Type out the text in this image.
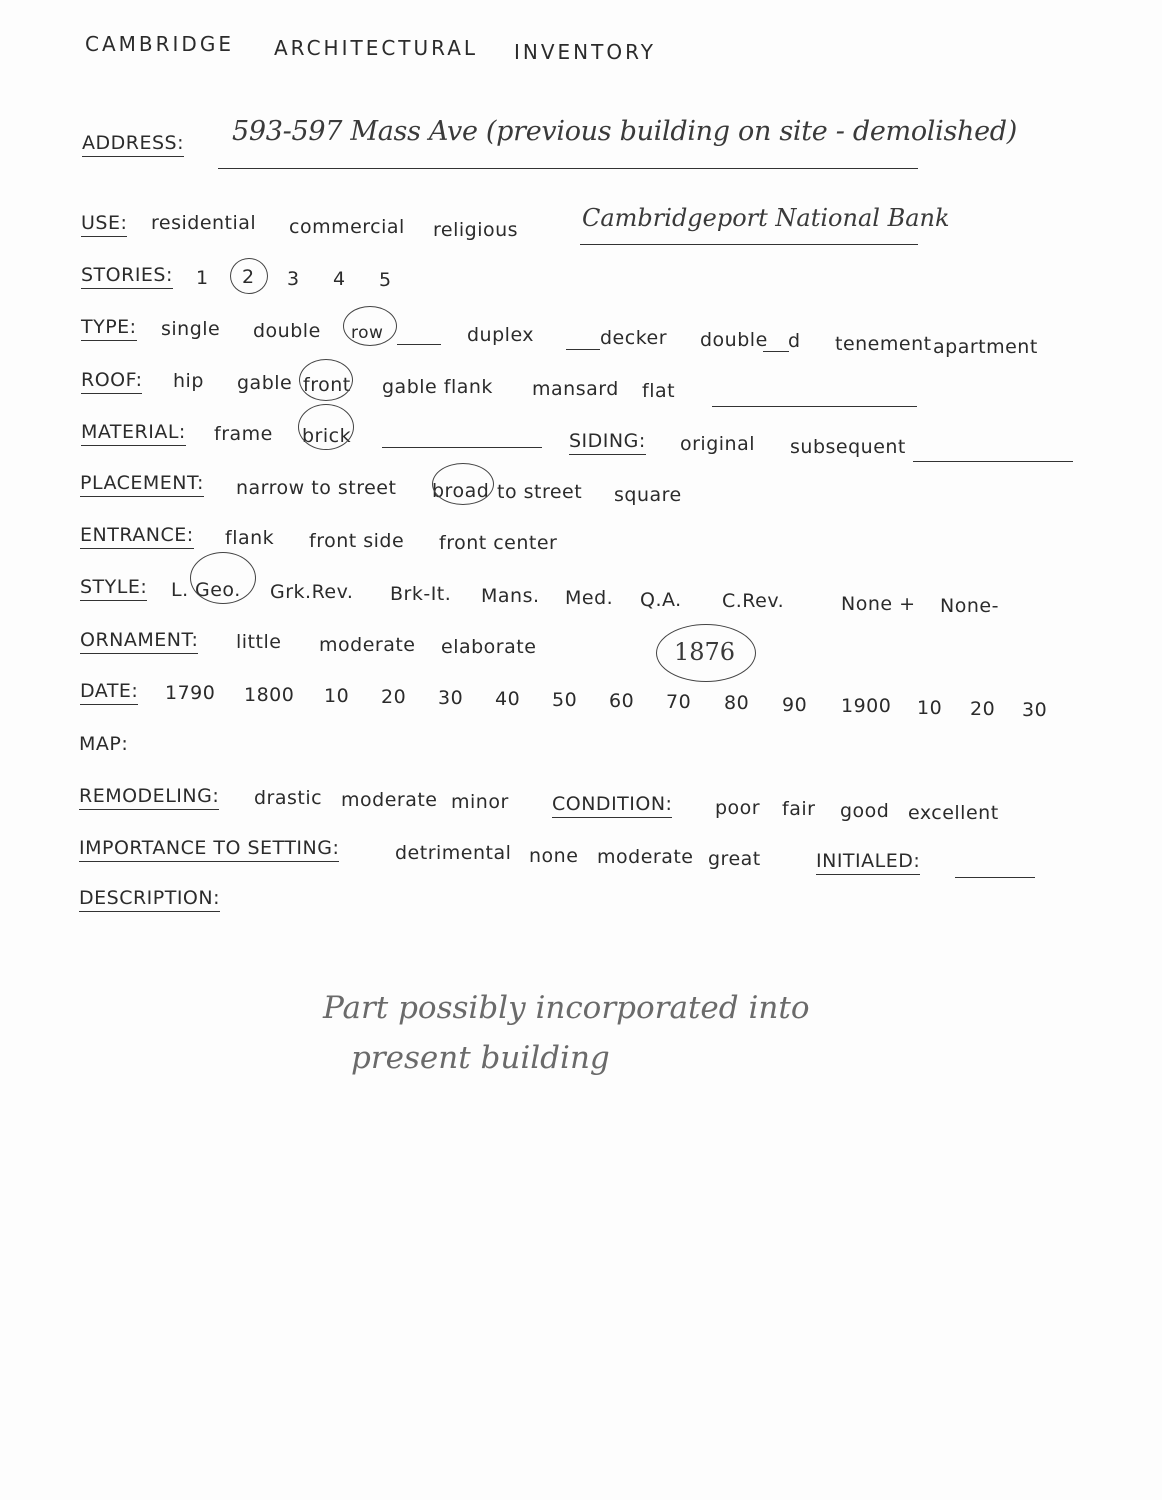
CAMBRIDGE ARCHITECTURAL INVENTORY
ADDRESS: 593-597 Mass Ave (previous building on site - demolished)
USE: residential commercial religious	Cambridgeport National Bank
STORIES: 1 2 3 4 5
TYPE: single double row	duplex	decker double d tenement apartment
ROOF: hip gable front gable flank mansard flat
MATERIAL: frame brick	SIDING: original subsequent
PLACEMENT: narrow to street broad to street square
ENTRANCE: flank front side front center
STYLE: L. Geo. Grk.Rev. Brk-It. Mans. Med. Q.A. C.Rev.	None + None-
ORNAMENT: little moderate elaborate	1876
DATE: 1790 1800 10 20 30 40 50 60 70 80 90 1900 10 20 30
MAP:
REMODELING: drastic moderate minor CONDITION: poor fair good excellent
IMPORTANCE TO SETTING:	detrimental none moderate great	INITIALED:
DESCRIPTION:
Part possibly incorporated into
present building
